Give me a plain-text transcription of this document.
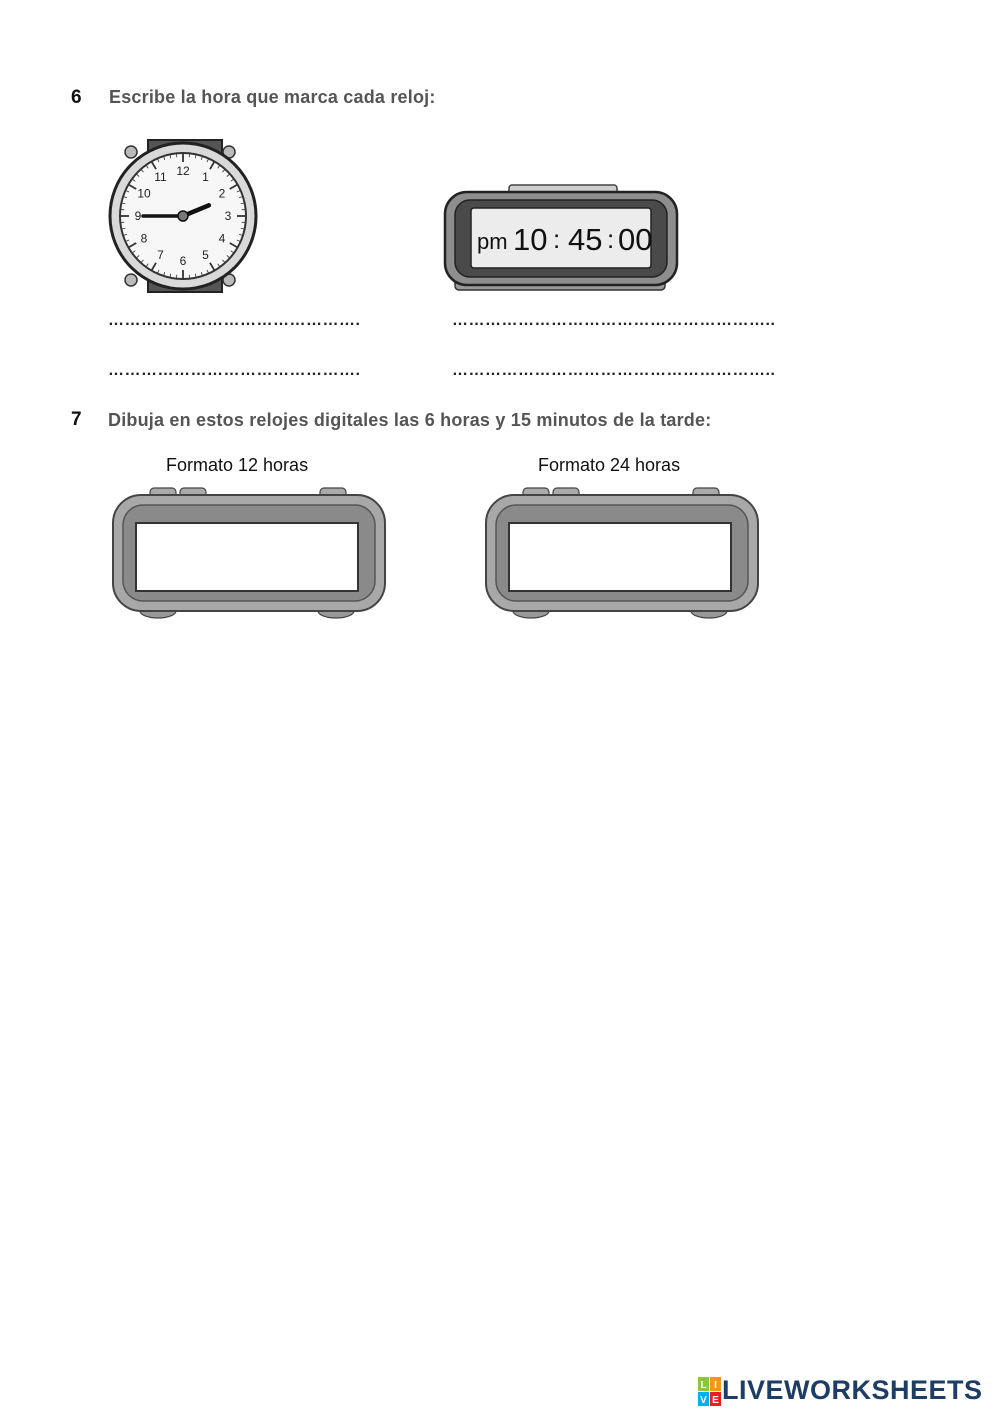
6 Escribe la hora que marca cada reloj:
12 1
2
3
4
5
6
7
8
9
10
11
pm 10 : 45 : 00
……………………………………….	…………………………………………………..
……………………………………….	…………………………………………………..
7 Dibuja en estos relojes digitales las 6 horas y 15 minutos de la tarde:
Formato 12 horas	Formato 24 horas
L I
V E LIVEWORKSHEETS
